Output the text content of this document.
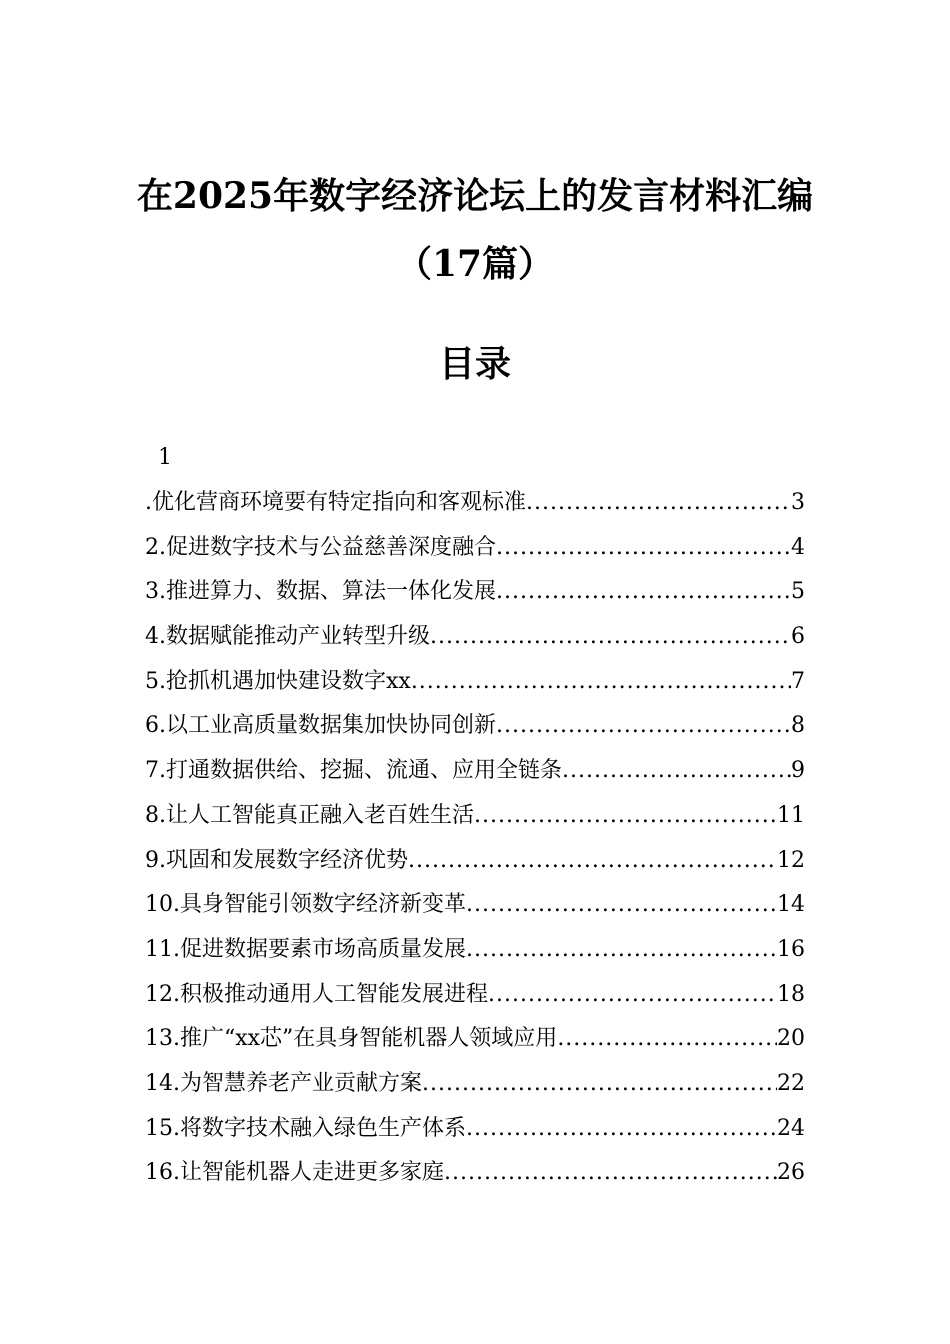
在2025年数字经济论坛上的发言材料汇编
（17篇）
目录
1
.优化营商环境要有特定指向和客观标准 .....	3
2.促进数字技术与公益慈善深度融合 .....	4
3.推进算力、数据、算法一体化发展 .....	5
4.数据赋能推动产业转型升级 .....	6
5.抢抓机遇加快建设数字xx .....	7
6.以工业高质量数据集加快协同创新 .....	8
7.打通数据供给、挖掘、流通、应用全链条 .....	9
8.让人工智能真正融入老百姓生活 .....	11
9.巩固和发展数字经济优势 .....	12
10.具身智能引领数字经济新变革 .....	14
11.促进数据要素市场高质量发展 .....	16
12.积极推动通用人工智能发展进程 .....	18
13.推广“xx芯”在具身智能机器人领域应用 .....	20
14.为智慧养老产业贡献方案 .....	22
15.将数字技术融入绿色生产体系 .....	24
16.让智能机器人走进更多家庭 .....	26
